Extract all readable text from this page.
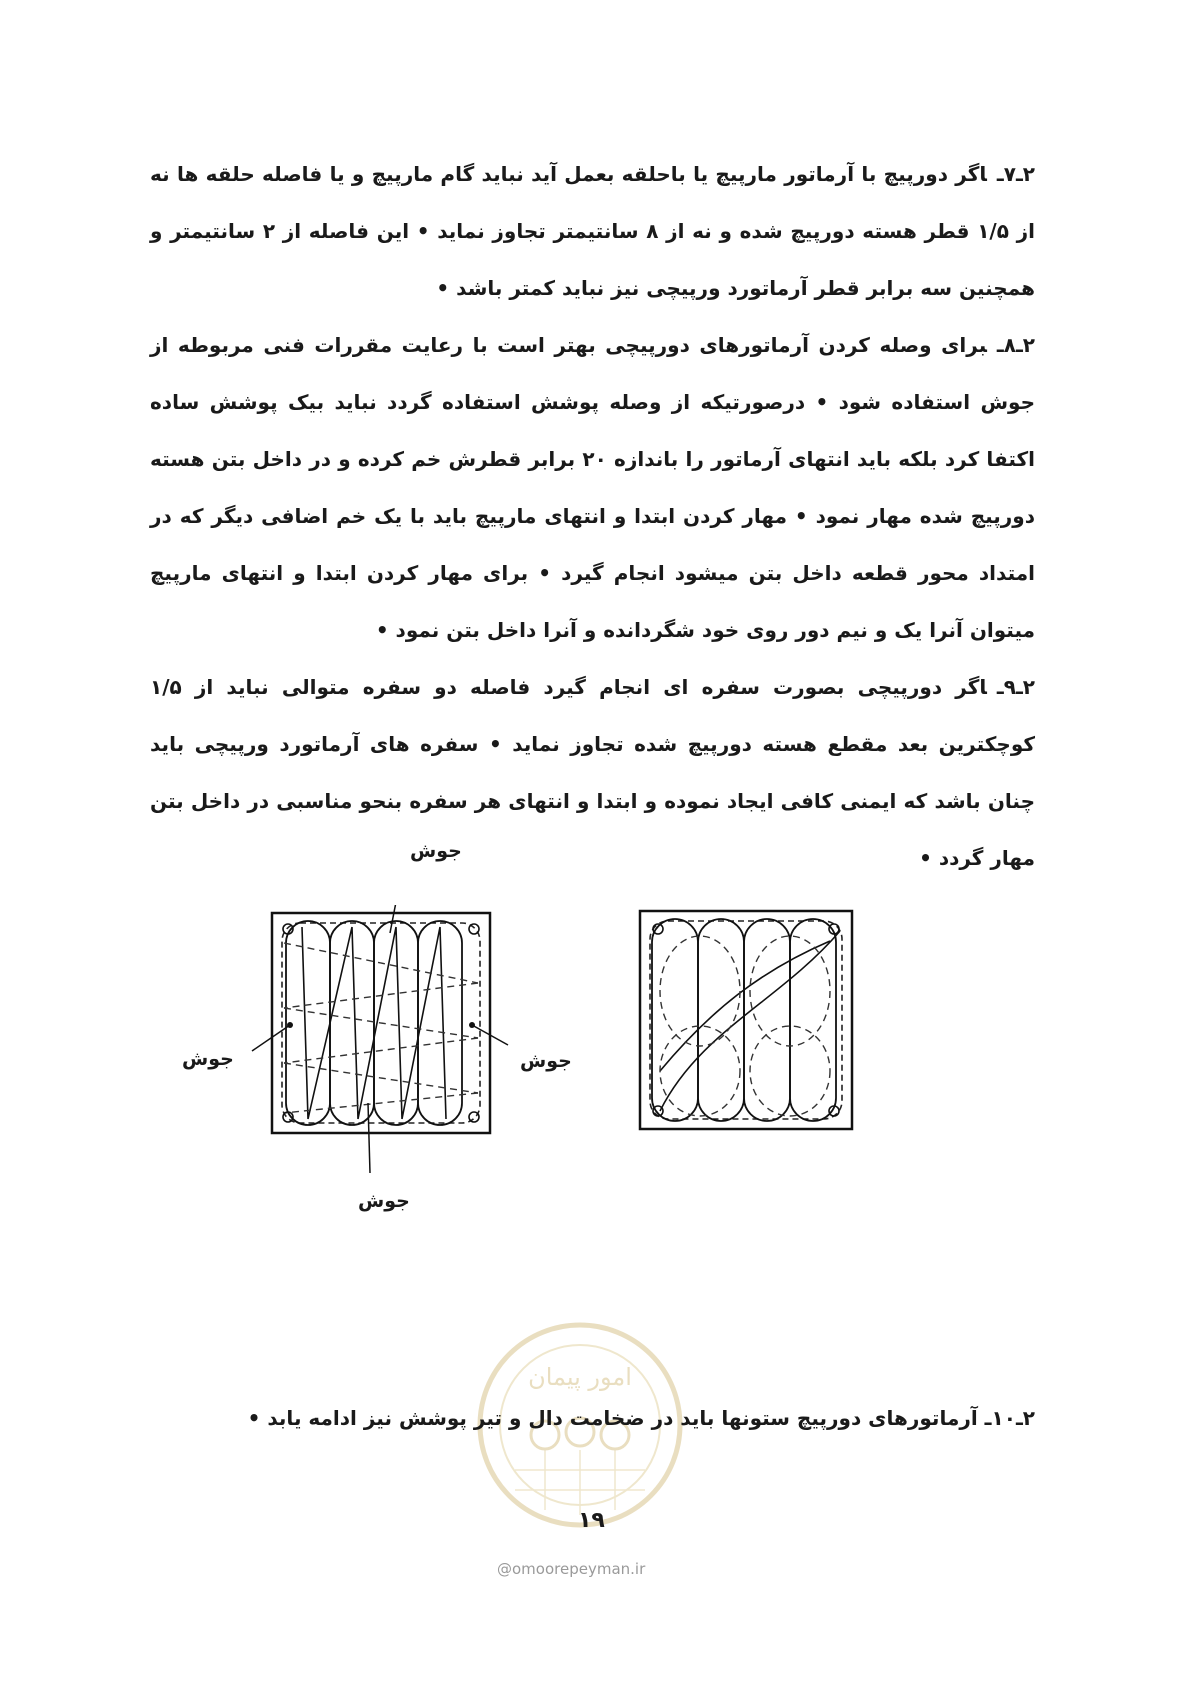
۲ـ۷ـاگر دورپیچ با آرماتور مارپیچ یا باحلقه بعمل آید نباید گام مارپیچ و یا فاصله حلقه ها نه از ۱/۵ قطر هسته دورپیچ شده و نه از ۸ سانتیمتر تجاوز نماید • این فاصله از ۲ سانتیمتر و همچنین سه برابر قطر آرماتورد ورپیچی نیز نباید کمتر باشد •

۲ـ۸ـبرای وصله کردن آرماتورهای دورپیچی بهتر است با رعایت مقررات فنی مربوطه از جوش استفاده شود • درصورتیکه از وصله پوشش استفاده گردد نباید بیک پوشش ساده اکتفا کرد بلکه باید انتهای آرماتور را باندازه ۲۰ برابر قطرش خم کرده و در داخل بتن هسته دورپیچ شده مهار نمود • مهار کردن ابتدا و انتهای مارپیچ باید با یک خم اضافی دیگر که در امتداد محور قطعه داخل بتن میشود انجام گیرد • برای مهار کردن ابتدا و انتهای مارپیچ میتوان آنرا یک و نیم دور روی خود شگردانده و آنرا داخل بتن نمود •

۲ـ۹ـاگر دورپیچی بصورت سفره ای انجام گیرد فاصله دو سفره متوالی نباید از ۱/۵ کوچکترین بعد مقطع هسته دورپیچ شده تجاوز نماید • سفره های آرماتورد ورپیچی باید چنان باشد که ایمنی کافی ایجاد نموده و ابتدا و انتهای هر سفره بنحو مناسبی در داخل بتن مهار گردد •

جوش
جوش	جوش
جوش
امور پیمان
۲ـ۱۰ـ آرماتورهای دورپیچ ستونها باید در ضخامت دال و تیر پوشش نیز ادامه یابد •
۱۹
@omoorepeyman.ir
